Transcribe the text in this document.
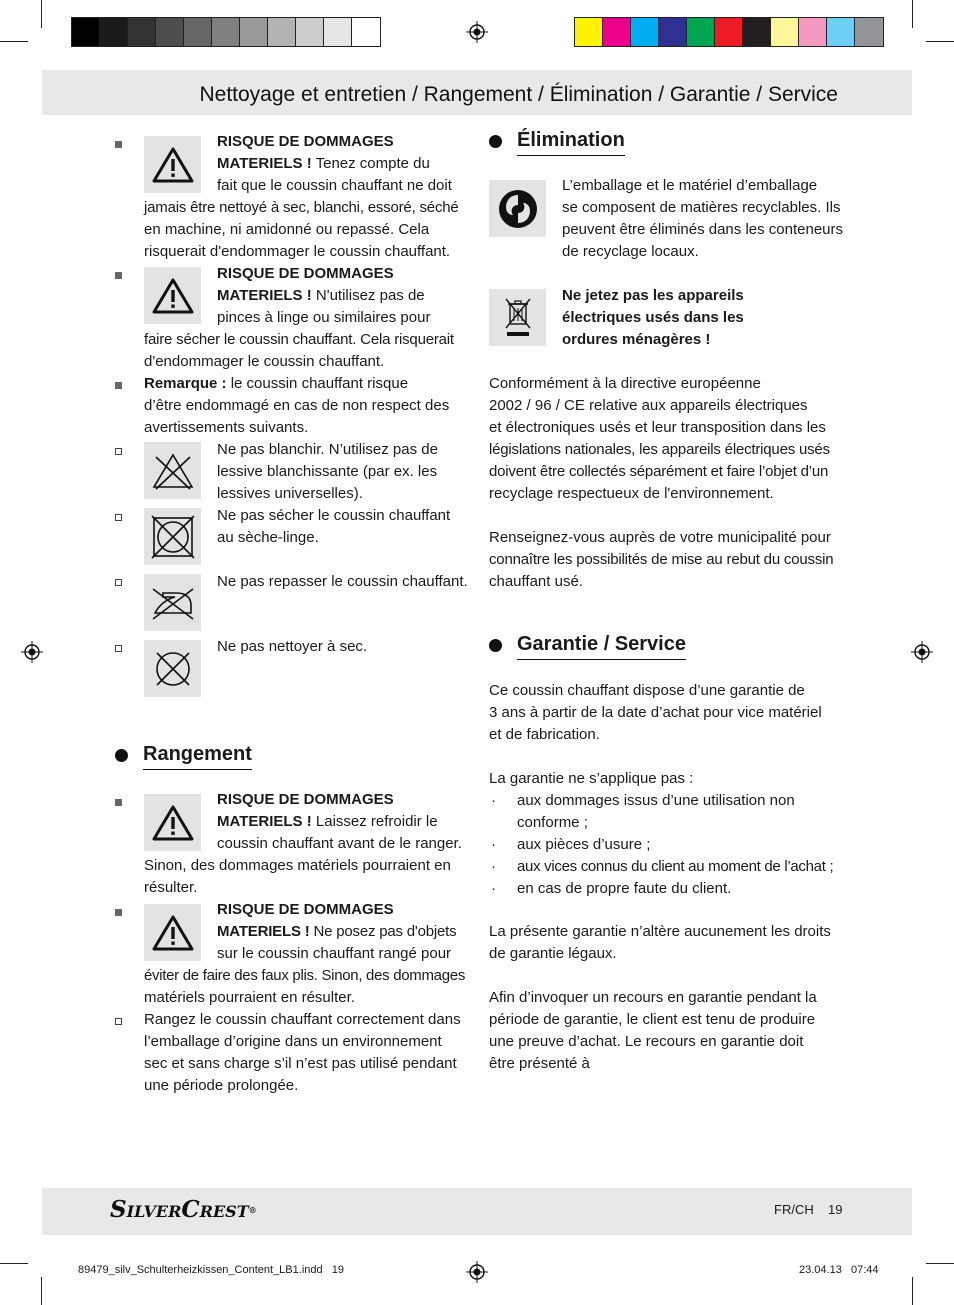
Nettoyage et entretien / Rangement / Élimination / Garantie / Service
RISQUE DE DOMMAGES
MATERIELS ! Tenez compte du
fait que le coussin chauffant ne doit
jamais être nettoyé à sec, blanchi, essoré, séché
en machine, ni amidonné ou repassé. Cela
risquerait d'endommager le coussin chauffant.
RISQUE DE DOMMAGES
MATERIELS ! N'utilisez pas de
pinces à linge ou similaires pour
faire sécher le coussin chauffant. Cela risquerait
d'endommager le coussin chauffant.
Remarque : le coussin chauffant risque
d’être endommagé en cas de non respect des
avertissements suivants.
Ne pas blanchir. N’utilisez pas de
lessive blanchissante (par ex. les
lessives universelles).
Ne pas sécher le coussin chauffant
au sèche-linge.
Ne pas repasser le coussin chauffant.
Ne pas nettoyer à sec.
Rangement
RISQUE DE DOMMAGES
MATERIELS ! Laissez refroidir le
coussin chauffant avant de le ranger.
Sinon, des dommages matériels pourraient en
résulter.
RISQUE DE DOMMAGES
MATERIELS ! Ne posez pas d'objets
sur le coussin chauffant rangé pour
éviter de faire des faux plis. Sinon, des dommages
matériels pourraient en résulter.
Rangez le coussin chauffant correctement dans
l’emballage d’origine dans un environnement
sec et sans charge s’il n’est pas utilisé pendant
une période prolongée.
Élimination
L’emballage et le matériel d’emballage
se composent de matières recyclables. Ils
peuvent être éliminés dans les conteneurs
de recyclage locaux.
Ne jetez pas les appareils
électriques usés dans les
ordures ménagères !
Conformément à la directive européenne
2002 / 96 / CE relative aux appareils électriques
et électroniques usés et leur transposition dans les
législations nationales, les appareils électriques usés
doivent être collectés séparément et faire l’objet d’un
recyclage respectueux de l'environnement.
Renseignez-vous auprès de votre municipalité pour
connaître les possibilités de mise au rebut du coussin
chauffant usé.
Garantie / Service
Ce coussin chauffant dispose d’une garantie de
3 ans à partir de la date d’achat pour vice matériel
et de fabrication.
La garantie ne s’applique pas :
· aux dommages issus d’une utilisation non
conforme ;
· aux pièces d’usure ;
· aux vices connus du client au moment de l’achat ;
· en cas de propre faute du client.
La présente garantie n’altère aucunement les droits
de garantie légaux.
Afin d’invoquer un recours en garantie pendant la
période de garantie, le client est tenu de produire
une preuve d’achat. Le recours en garantie doit
être présenté à
SILVERCREST®	FR/CH 19
89479_silv_Schulterheizkissen_Content_LB1.indd   19	23.04.13   07:44
